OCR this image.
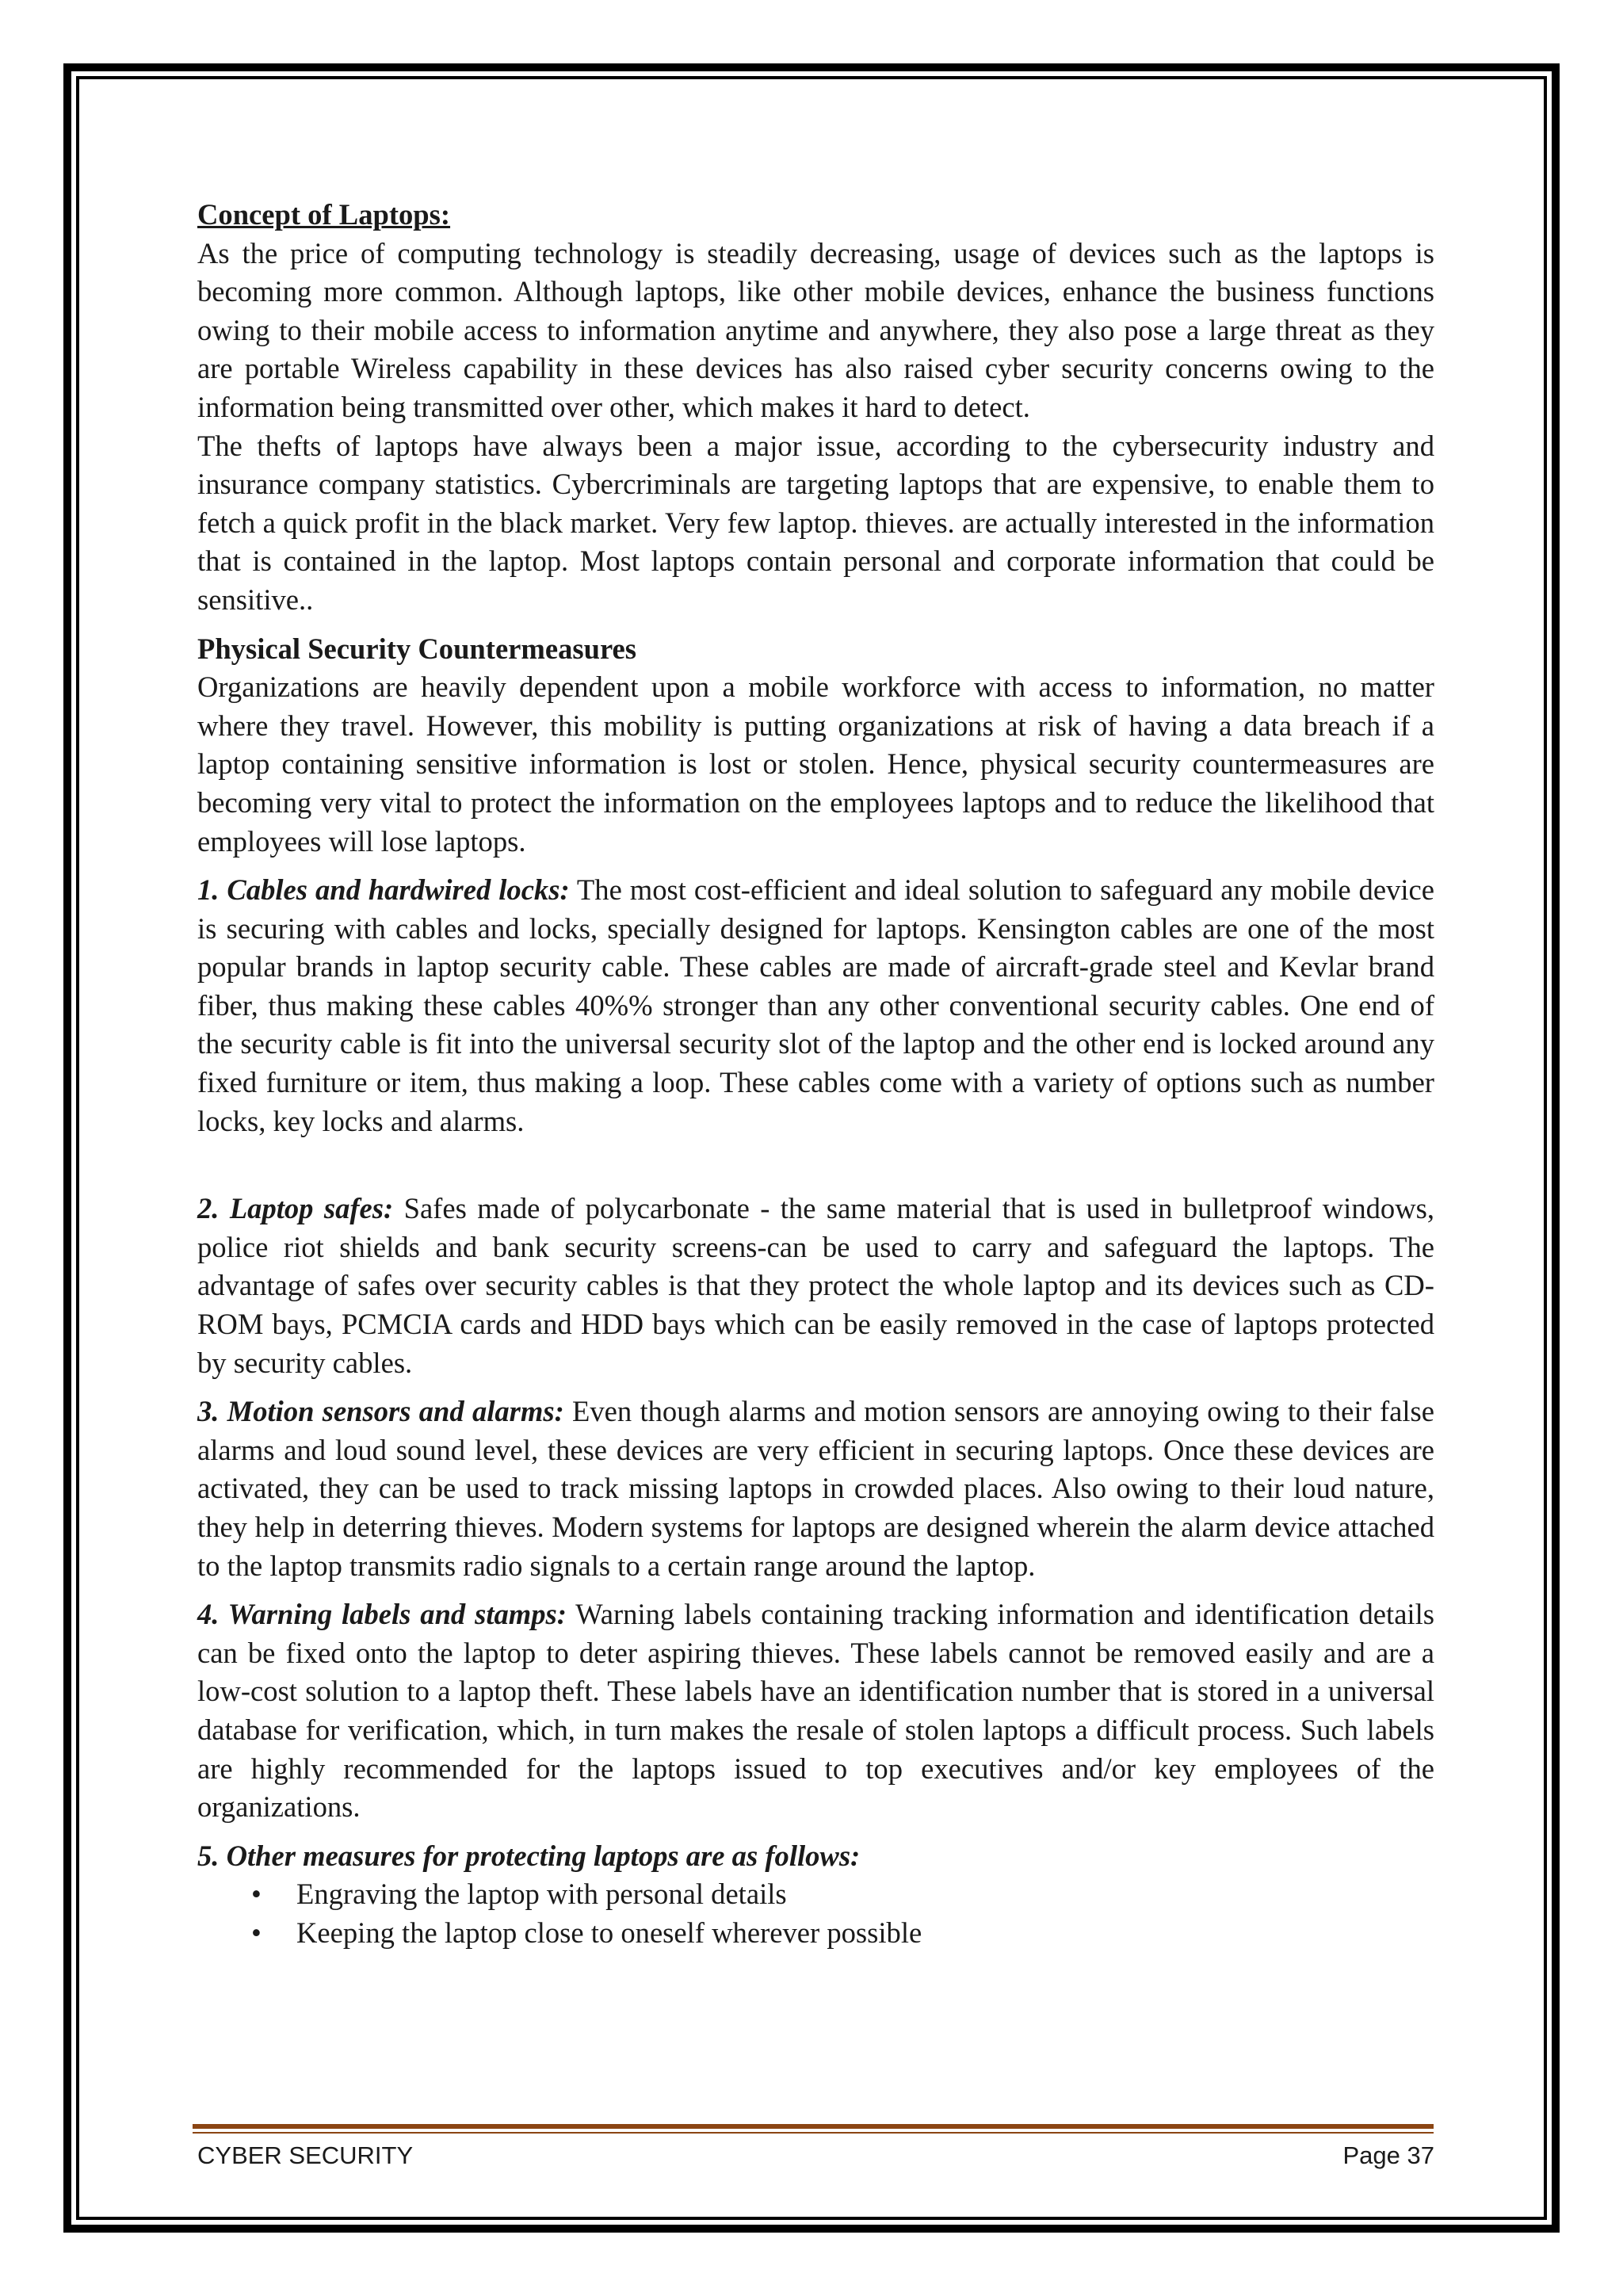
Concept of Laptops:

As the price of computing technology is steadily decreasing, usage of devices such as the laptops is becoming more common. Although laptops, like other mobile devices, enhance the business functions owing to their mobile access to information anytime and anywhere, they also pose a large threat as they are portable Wireless capability in these devices has also raised cyber security concerns owing to the information being transmitted over other, which makes it hard to detect.

The thefts of laptops have always been a major issue, according to the cybersecurity industry and insurance company statistics. Cybercriminals are targeting laptops that are expensive, to enable them to fetch a quick profit in the black market. Very few laptop. thieves. are actually interested in the information that is contained in the laptop. Most laptops contain personal and corporate information that could be sensitive..

Physical Security Countermeasures

Organizations are heavily dependent upon a mobile workforce with access to information, no matter where they travel. However, this mobility is putting organizations at risk of having a data breach if a laptop containing sensitive information is lost or stolen. Hence, physical security countermeasures are becoming very vital to protect the information on the employees laptops and to reduce the likelihood that employees will lose laptops.

1. Cables and hardwired locks: The most cost-efficient and ideal solution to safeguard any mobile device is securing with cables and locks, specially designed for laptops. Kensington cables are one of the most popular brands in laptop security cable. These cables are made of aircraft-grade steel and Kevlar brand fiber, thus making these cables 40%% stronger than any other conventional security cables. One end of the security cable is fit into the universal security slot of the laptop and the other end is locked around any fixed furniture or item, thus making a loop. These cables come with a variety of options such as number locks, key locks and alarms.

2. Laptop safes: Safes made of polycarbonate - the same material that is used in bulletproof windows, police riot shields and bank security screens-can be used to carry and safeguard the laptops. The advantage of safes over security cables is that they protect the whole laptop and its devices such as CD-ROM bays, PCMCIA cards and HDD bays which can be easily removed in the case of laptops protected by security cables.

3. Motion sensors and alarms: Even though alarms and motion sensors are annoying owing to their false alarms and loud sound level, these devices are very efficient in securing laptops. Once these devices are activated, they can be used to track missing laptops in crowded places. Also owing to their loud nature, they help in deterring thieves. Modern systems for laptops are designed wherein the alarm device attached to the laptop transmits radio signals to a certain range around the laptop.

4. Warning labels and stamps: Warning labels containing tracking information and identification details can be fixed onto the laptop to deter aspiring thieves. These labels cannot be removed easily and are a low-cost solution to a laptop theft. These labels have an identification number that is stored in a universal database for verification, which, in turn makes the resale of stolen laptops a difficult process. Such labels are highly recommended for the laptops issued to top executives and/or key employees of the organizations.

5. Other measures for protecting laptops are as follows:

• Engraving the laptop with personal details
• Keeping the laptop close to oneself wherever possible
CYBER SECURITY	Page 37
